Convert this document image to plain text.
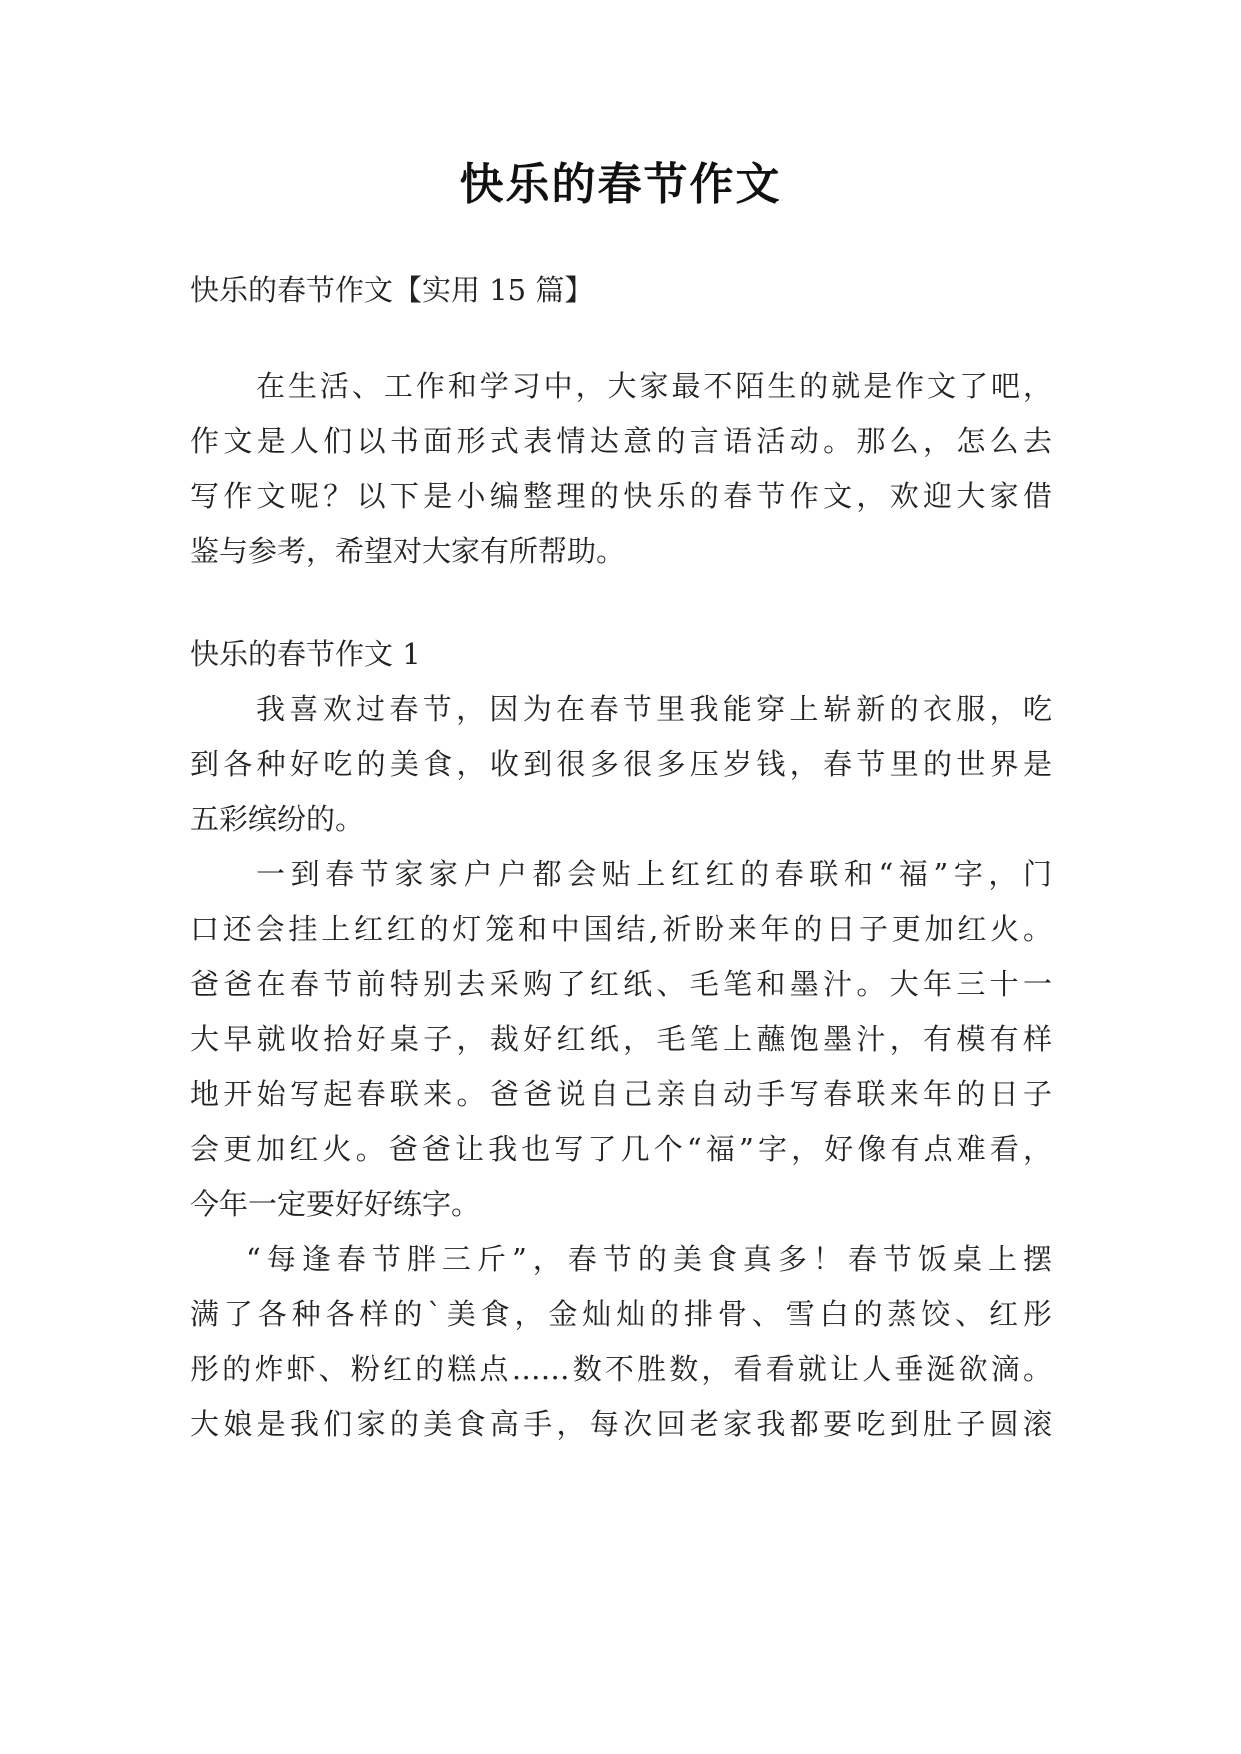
快乐的春节作文
快乐的春节作文【实用 15 篇】
在生活、工作和学习中，大家最不陌生的就是作文了吧，
作文是人们以书面形式表情达意的言语活动。那么，怎么去
写作文呢？以下是小编整理的快乐的春节作文，欢迎大家借
鉴与参考，希望对大家有所帮助。
快乐的春节作文 1
我喜欢过春节，因为在春节里我能穿上崭新的衣服，吃
到各种好吃的美食，收到很多很多压岁钱，春节里的世界是
五彩缤纷的。
一到春节家家户户都会贴上红红的春联和“福”字，门
口还会挂上红红的灯笼和中国结,祈盼来年的日子更加红火。
爸爸在春节前特别去采购了红纸、毛笔和墨汁。大年三十一
大早就收拾好桌子，裁好红纸，毛笔上蘸饱墨汁，有模有样
地开始写起春联来。爸爸说自己亲自动手写春联来年的日子
会更加红火。爸爸让我也写了几个“福”字，好像有点难看，
今年一定要好好练字。
“每逢春节胖三斤”，春节的美食真多！春节饭桌上摆
满了各种各样的`美食，金灿灿的排骨、雪白的蒸饺、红彤
彤的炸虾、粉红的糕点……数不胜数，看看就让人垂涎欲滴。
大娘是我们家的美食高手，每次回老家我都要吃到肚子圆滚
